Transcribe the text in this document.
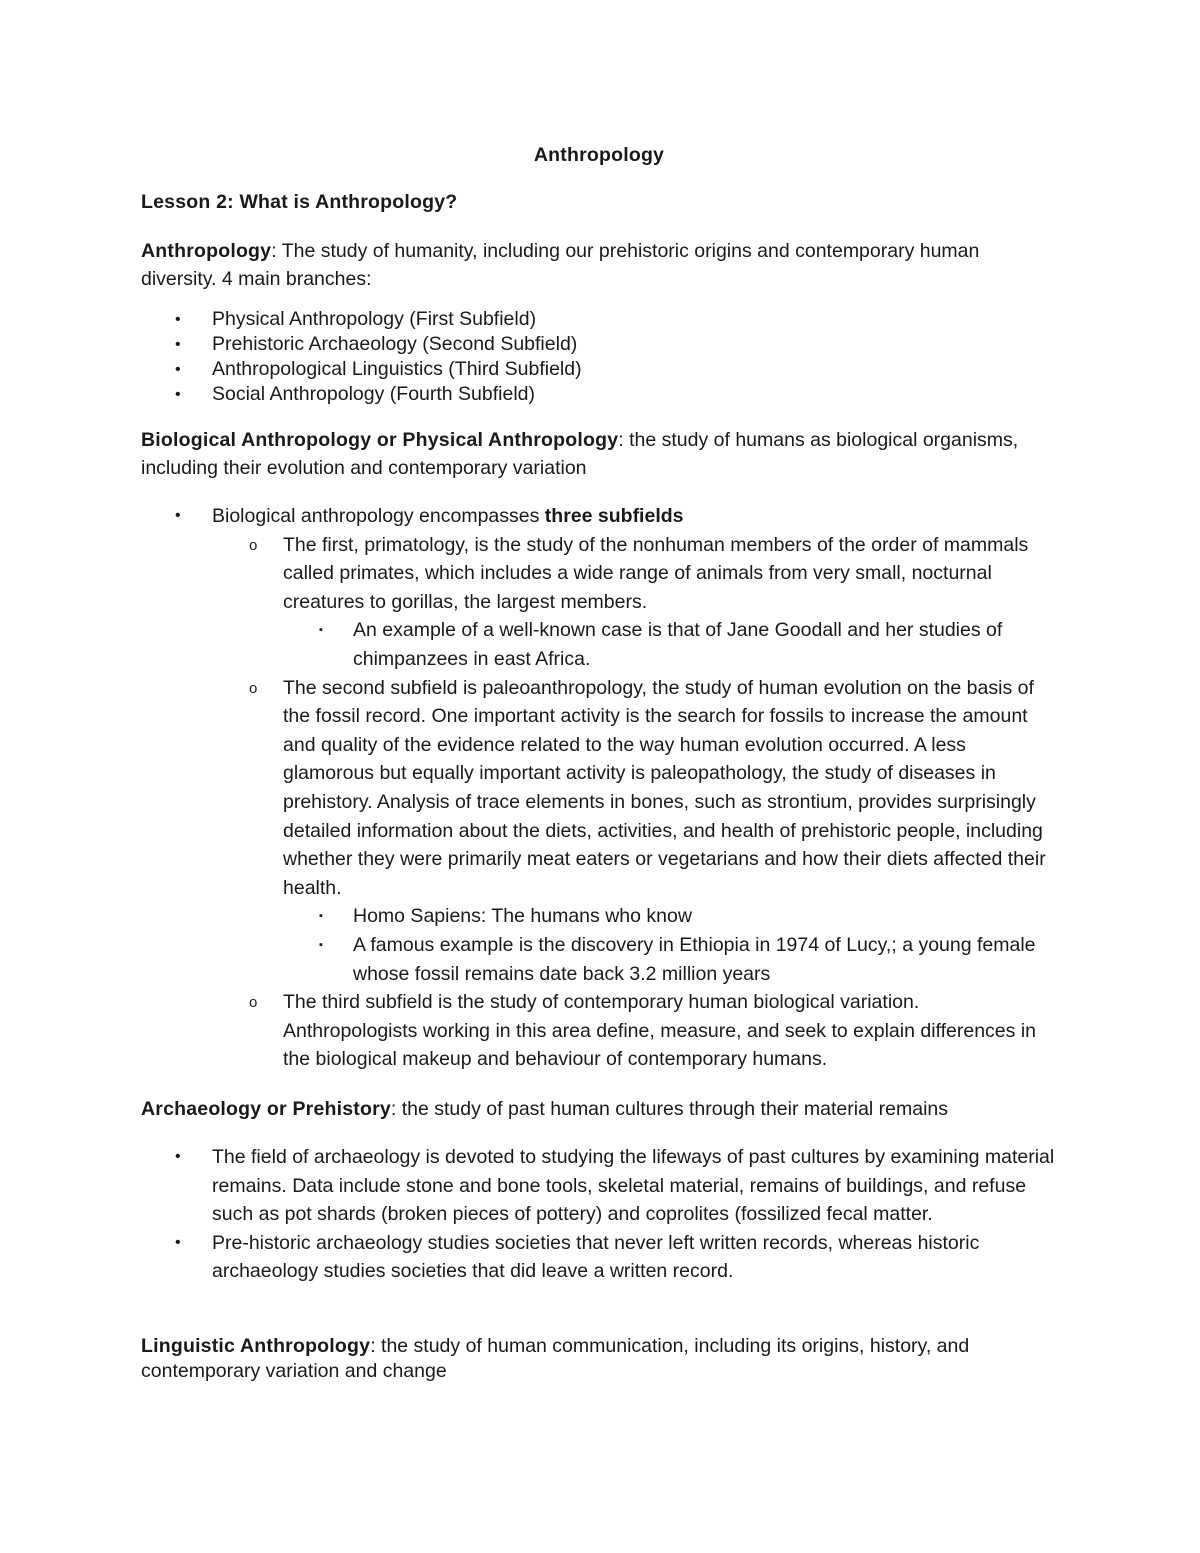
Anthropology
Lesson 2: What is Anthropology?

Anthropology: The study of humanity, including our prehistoric origins and contemporary human diversity. 4 main branches:

• Physical Anthropology (First Subfield)
• Prehistoric Archaeology (Second Subfield)
• Anthropological Linguistics (Third Subfield)
• Social Anthropology (Fourth Subfield)

Biological Anthropology or Physical Anthropology: the study of humans as biological organisms, including their evolution and contemporary variation

• Biological anthropology encompasses three subfields
o The first, primatology, is the study of the nonhuman members of the order of mammals called primates, which includes a wide range of animals from very small, nocturnal creatures to gorillas, the largest members.
▪ An example of a well-known case is that of Jane Goodall and her studies of chimpanzees in east Africa.
o The second subfield is paleoanthropology, the study of human evolution on the basis of the fossil record. One important activity is the search for fossils to increase the amount and quality of the evidence related to the way human evolution occurred. A less glamorous but equally important activity is paleopathology, the study of diseases in prehistory. Analysis of trace elements in bones, such as strontium, provides surprisingly detailed information about the diets, activities, and health of prehistoric people, including whether they were primarily meat eaters or vegetarians and how their diets affected their health.
▪ Homo Sapiens: The humans who know
▪ A famous example is the discovery in Ethiopia in 1974 of Lucy,; a young female whose fossil remains date back 3.2 million years
o The third subfield is the study of contemporary human biological variation. Anthropologists working in this area define, measure, and seek to explain differences in the biological makeup and behaviour of contemporary humans.

Archaeology or Prehistory: the study of past human cultures through their material remains

• The field of archaeology is devoted to studying the lifeways of past cultures by examining material remains. Data include stone and bone tools, skeletal material, remains of buildings, and refuse such as pot shards (broken pieces of pottery) and coprolites (fossilized fecal matter.
• Pre-historic archaeology studies societies that never left written records, whereas historic archaeology studies societies that did leave a written record.

Linguistic Anthropology: the study of human communication, including its origins, history, and contemporary variation and change
